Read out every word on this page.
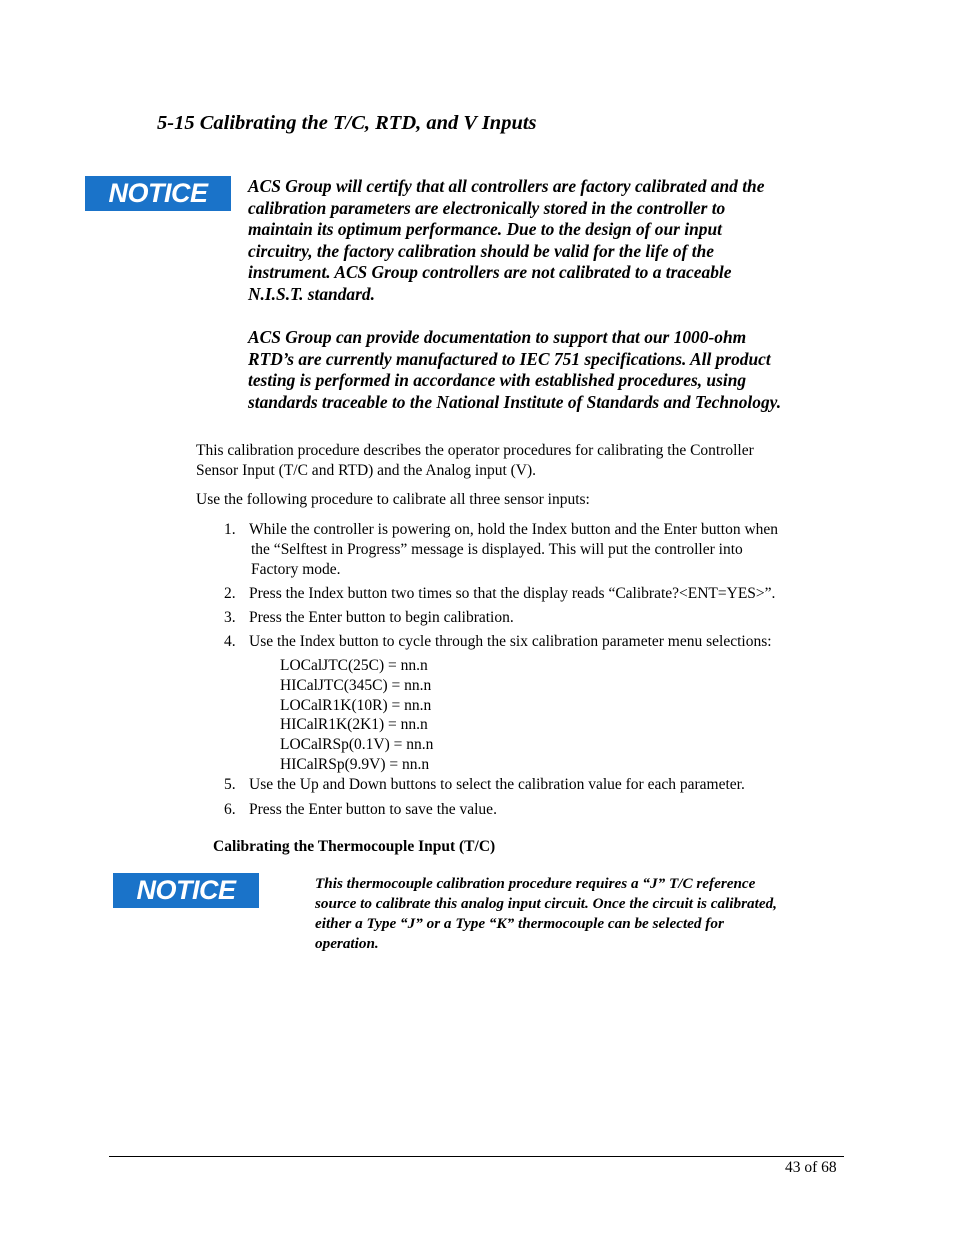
5-15 Calibrating the T/C, RTD, and V Inputs
NOTICE	ACS Group will certify that all controllers are factory calibrated and the

calibration parameters are electronically stored in the controller to

maintain its optimum performance. Due to the design of our input

circuitry, the factory calibration should be valid for the life of the

instrument. ACS Group controllers are not calibrated to a traceable

N.I.S.T. standard.

ACS Group can provide documentation to support that our 1000-ohm

RTD’s are currently manufactured to IEC 751 specifications. All product

testing is performed in accordance with established procedures, using

standards traceable to the National Institute of Standards and Technology.

This calibration procedure describes the operator procedures for calibrating the Controller
Sensor Input (T/C and RTD) and the Analog input (V).
Use the following procedure to calibrate all three sensor inputs:
1. While the controller is powering on, hold the Index button and the Enter button when
the “Selftest in Progress” message is displayed. This will put the controller into
Factory mode.
2. Press the Index button two times so that the display reads “Calibrate?<ENT=YES>”.
3. Press the Enter button to begin calibration.
4. Use the Index button to cycle through the six calibration parameter menu selections:
LOCalJTC(25C) = nn.n
HICalJTC(345C) = nn.n
LOCalR1K(10R) = nn.n
HICalR1K(2K1) = nn.n
LOCalRSp(0.1V) = nn.n
HICalRSp(9.9V) = nn.n
5. Use the Up and Down buttons to select the calibration value for each parameter.
6. Press the Enter button to save the value.
Calibrating the Thermocouple Input (T/C)
NOTICE	This thermocouple calibration procedure requires a “J” T/C reference

source to calibrate this analog input circuit. Once the circuit is calibrated,

either a Type “J” or a Type “K” thermocouple can be selected for

operation.

43 of 68
